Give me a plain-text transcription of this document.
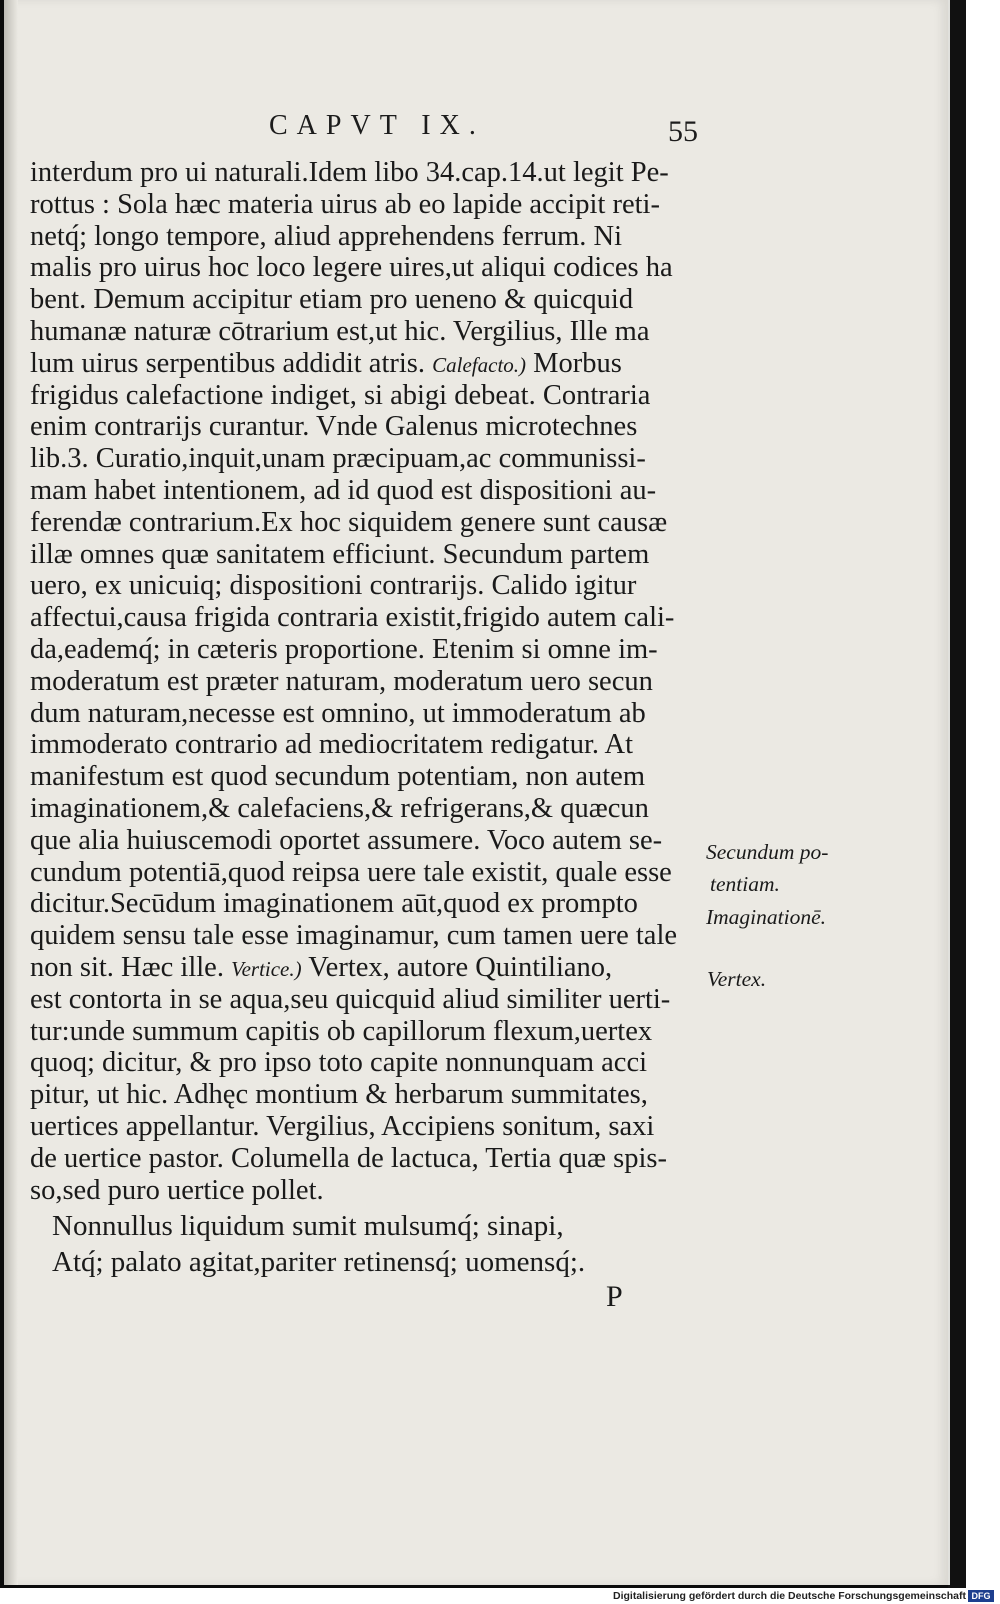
CAPVT IX.	55
interdum pro ui naturali.Idem libo 34.cap.14.ut legit Pe-
rottus : Sola hæc materia uirus ab eo lapide accipit reti-
netq́; longo tempore, aliud apprehendens ferrum. Ni
malis pro uirus hoc loco legere uires,ut aliqui codices ha
bent. Demum accipitur etiam pro ueneno & quicquid
humanæ naturæ cōtrarium est,ut hic. Vergilius, Ille ma
lum uirus serpentibus addidit atris. Calefacto.) Morbus
frigidus calefactione indiget, si abigi debeat. Contraria
enim contrarijs curantur. Vnde Galenus microtechnes
lib.3. Curatio,inquit,unam præcipuam,ac communissi-
mam habet intentionem, ad id quod est dispositioni au-
ferendæ contrarium.Ex hoc siquidem genere sunt causæ
illæ omnes quæ sanitatem efficiunt. Secundum partem
uero, ex unicuiq; dispositioni contrarijs. Calido igitur
affectui,causa frigida contraria existit,frigido autem cali-
da,eademq́; in cæteris proportione. Etenim si omne im-
moderatum est præter naturam, moderatum uero secun
dum naturam,necesse est omnino, ut immoderatum ab
immoderato contrario ad mediocritatem redigatur. At
manifestum est quod secundum potentiam, non autem
imaginationem,& calefaciens,& refrigerans,& quæcun
que alia huiuscemodi oportet assumere. Voco autem se-
cundum potentiā,quod reipsa uere tale existit, quale esse
dicitur.Secūdum imaginationem aūt,quod ex prompto
quidem sensu tale esse imaginamur, cum tamen uere tale
non sit. Hæc ille. Vertice.) Vertex, autore Quintiliano,
est contorta in se aqua,seu quicquid aliud similiter uerti-
tur:unde summum capitis ob capillorum flexum,uertex
quoq; dicitur, & pro ipso toto capite nonnunquam acci
pitur, ut hic. Adhęc montium & herbarum summitates,
uertices appellantur. Vergilius, Accipiens sonitum, saxi
de uertice pastor. Columella de lactuca, Tertia quæ spis-
so,sed puro uertice pollet.
Nonnullus liquidum sumit mulsumq́; sinapi,
Atq́; palato agitat,pariter retinensq́; uomensq́;.
P
Secundum po-
tentiam.
Imaginationē.
Vertex.
Digitalisierung gefördert durch die Deutsche Forschungsgemeinschaft DFG
